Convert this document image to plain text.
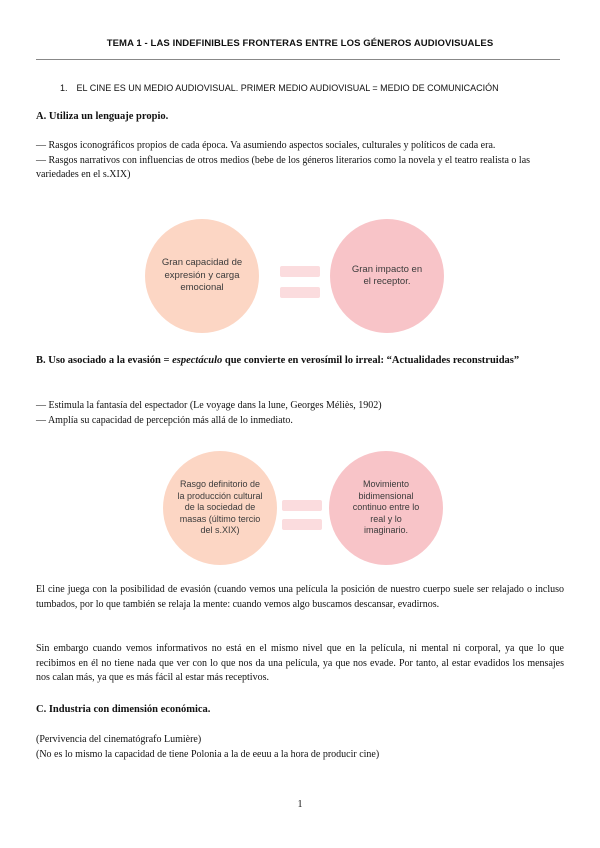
TEMA 1 - LAS INDEFINIBLES FRONTERAS ENTRE LOS GÉNEROS AUDIOVISUALES
1. EL CINE ES UN MEDIO AUDIOVISUAL. PRIMER MEDIO AUDIOVISUAL = MEDIO DE COMUNICACIÓN
A. Utiliza un lenguaje propio.

— Rasgos iconográficos propios de cada época. Va asumiendo aspectos sociales, culturales y políticos de cada era.

— Rasgos narrativos con influencias de otros medios (bebe de los géneros literarios como la novela y el teatro realista o las variedades en el s.XIX)

Gran capacidad de expresión y carga emocional
Gran impacto en el receptor.
B. Uso asociado a la evasión = espectáculo que convierte en verosímil lo irreal: “Actualidades reconstruidas”

— Estimula la fantasía del espectador (Le voyage dans la lune, Georges Méliès, 1902)

— Amplía su capacidad de percepción más allá de lo inmediato.

Rasgo definitorio de la producción cultural de la sociedad de masas (último tercio del s.XIX)
Movimiento bidimensional continuo entre lo real y lo imaginario.
El cine juega con la posibilidad de evasión (cuando vemos una película la posición de nuestro cuerpo suele ser relajado o incluso tumbados, por lo que también se relaja la mente: cuando vemos algo buscamos descansar, evadirnos.
Sin embargo cuando vemos informativos no está en el mismo nivel que en la película, ni mental ni corporal, ya que lo que recibimos en él no tiene nada que ver con lo que nos da una película, ya que nos evade. Por tanto, al estar evadidos los mensajes nos calan más, ya que es más fácil al estar más receptivos.
C. Industria con dimensión económica.

(Pervivencia del cinematógrafo Lumière)

(No es lo mismo la capacidad de tiene Polonia a la de eeuu a la hora de producir cine)

1
